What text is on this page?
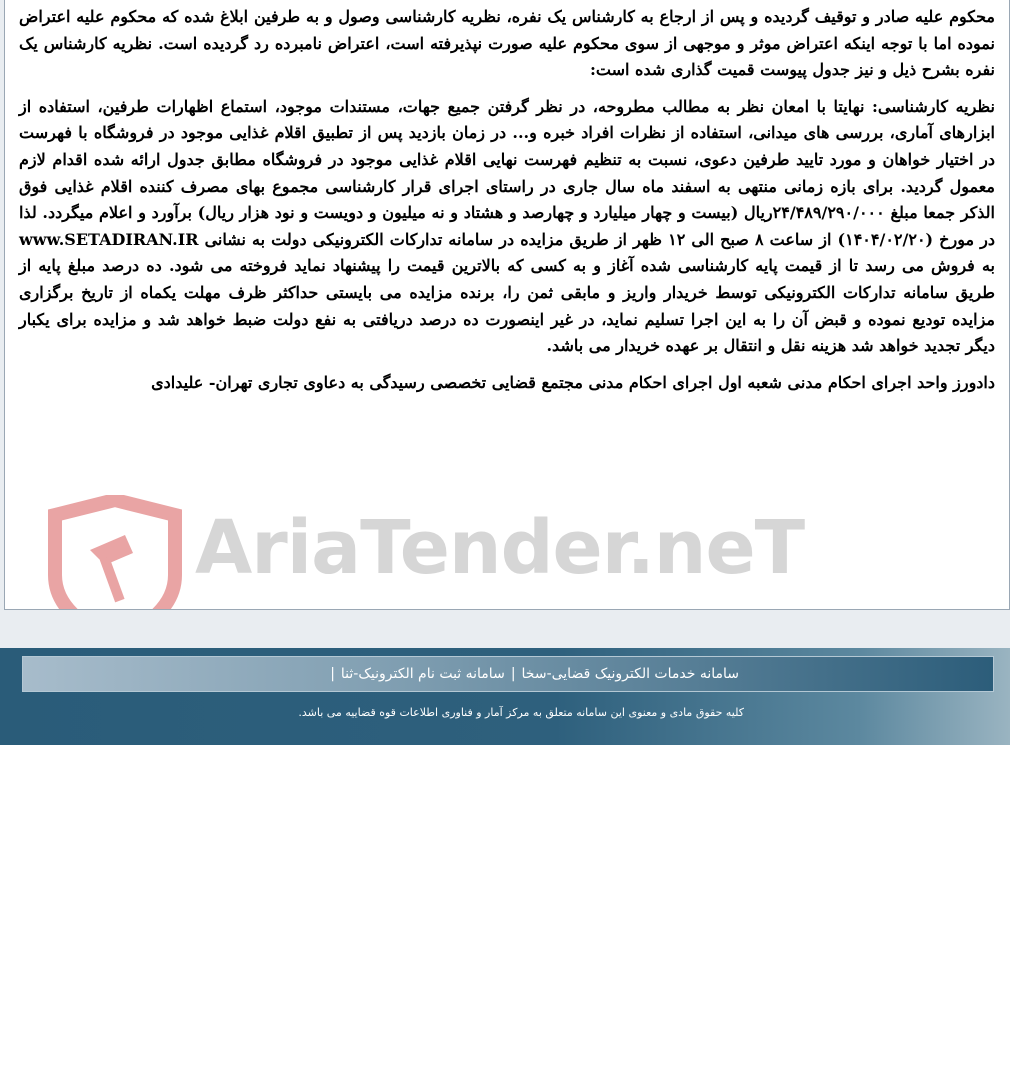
AriaTender.neT

محکوم علیه صادر و توقیف گردیده و پس از ارجاع به کارشناس یک نفره، نظریه کارشناسی وصول و به طرفین ابلاغ شده که محکوم علیه اعتراض نموده اما با توجه اینکه اعتراض موثر و موجهی از سوی محکوم علیه صورت نپذیرفته است، اعتراض نامبرده رد گردیده است. نظریه کارشناس یک نفره بشرح ذیل و نیز جدول پیوست قمیت گذاری شده است:

نظریه کارشناسی: نهایتا با امعان نظر به مطالب مطروحه، در نظر گرفتن جمیع جهات، مستندات موجود، استماع اظهارات طرفین، استفاده از ابزارهای آماری، بررسی های میدانی، استفاده از نظرات افراد خبره و... در زمان بازدید پس از تطبیق اقلام غذایی موجود در فروشگاه با فهرست در اختیار خواهان و مورد تایید طرفین دعوی، نسبت به تنظیم فهرست نهایی اقلام غذایی موجود در فروشگاه مطابق جدول ارائه شده اقدام لازم معمول گردید. برای بازه زمانی منتهی به اسفند ماه سال جاری در راستای اجرای قرار کارشناسی مجموع بهای مصرف کننده اقلام غذایی فوق الذکر جمعا مبلغ ۲۴/۴۸۹/۲۹۰/۰۰۰ریال (بیست و چهار میلیارد و چهارصد و هشتاد و نه میلیون و دویست و نود هزار ریال) برآورد و اعلام میگردد. لذا در مورخ (۱۴۰۴/۰۲/۲۰) از ساعت ۸ صبح الی ۱۲ ظهر از طریق مزایده در سامانه تدارکات الکترونیکی دولت به نشانی www.SETADIRAN.IR به فروش می رسد تا از قیمت پایه کارشناسی شده آغاز و به کسی که بالاترین قیمت را پیشنهاد نماید فروخته می شود. ده درصد مبلغ پایه از طریق سامانه تدارکات الکترونیکی توسط خریدار واریز و مابقی ثمن را، برنده مزایده می بایستی حداکثر ظرف مهلت یکماه از تاریخ برگزاری مزایده تودیع نموده و قبض آن را به این اجرا تسلیم نماید، در غیر اینصورت ده درصد دریافتی به نفع دولت ضبط خواهد شد و مزایده برای یکبار دیگر تجدید خواهد شد هزینه نقل و انتقال بر عهده خریدار می باشد.

دادورز واحد اجرای احکام مدنی شعبه اول اجرای احکام مدنی مجتمع قضایی تخصصی رسیدگی به دعاوی تجاری تهران- علیدادی

سامانه خدمات الکترونیک قضایی-سخا
|
سامانه ثبت نام الکترونیک-ثنا
|
کلیه حقوق مادی و معنوی این سامانه متعلق به مرکز آمار و فناوری اطلاعات قوه قضاییه می باشد.
